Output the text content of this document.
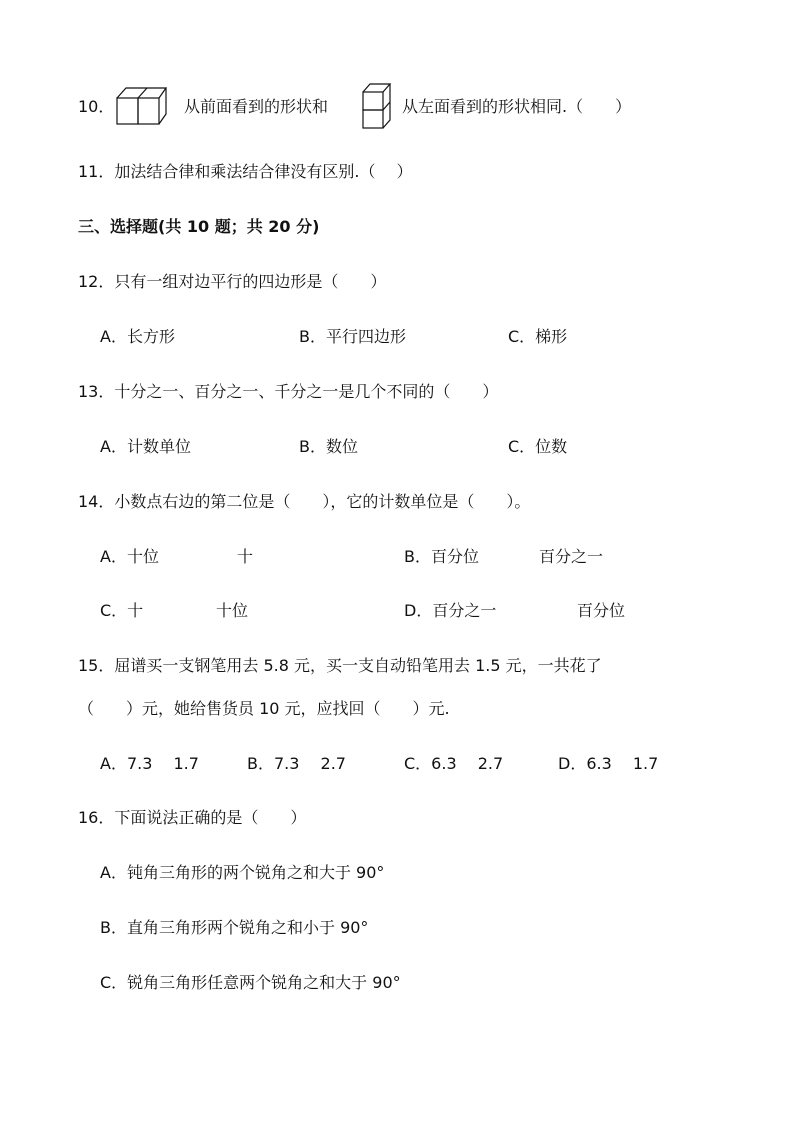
10．	从前面看到的形状和	从左面看到的形状相同.（　　）
11．加法结合律和乘法结合律没有区别.（　 ）
三、选择题(共 10 题；共 20 分)
12．只有一组对边平行的四边形是（　　）
A．长方形	B．平行四边形	C．梯形
13．十分之一、百分之一、千分之一是几个不同的（　　）
A．计数单位	B．数位	C．位数
14．小数点右边的第二位是（　　），它的计数单位是（　　）。
A．十位	十	B．百分位	百分之一
C．十	十位	D．百分之一	百分位
15．屈谱买一支钢笔用去 5.8 元，买一支自动铅笔用去 1.5 元，一共花了
（　　）元，她给售货员 10 元，应找回（　　）元.
A．7.3　 1.7	B．7.3　 2.7	C．6.3　 2.7	D．6.3　 1.7
16．下面说法正确的是（　　）
A．钝角三角形的两个锐角之和大于 90°
B．直角三角形两个锐角之和小于 90°
C．锐角三角形任意两个锐角之和大于 90°
